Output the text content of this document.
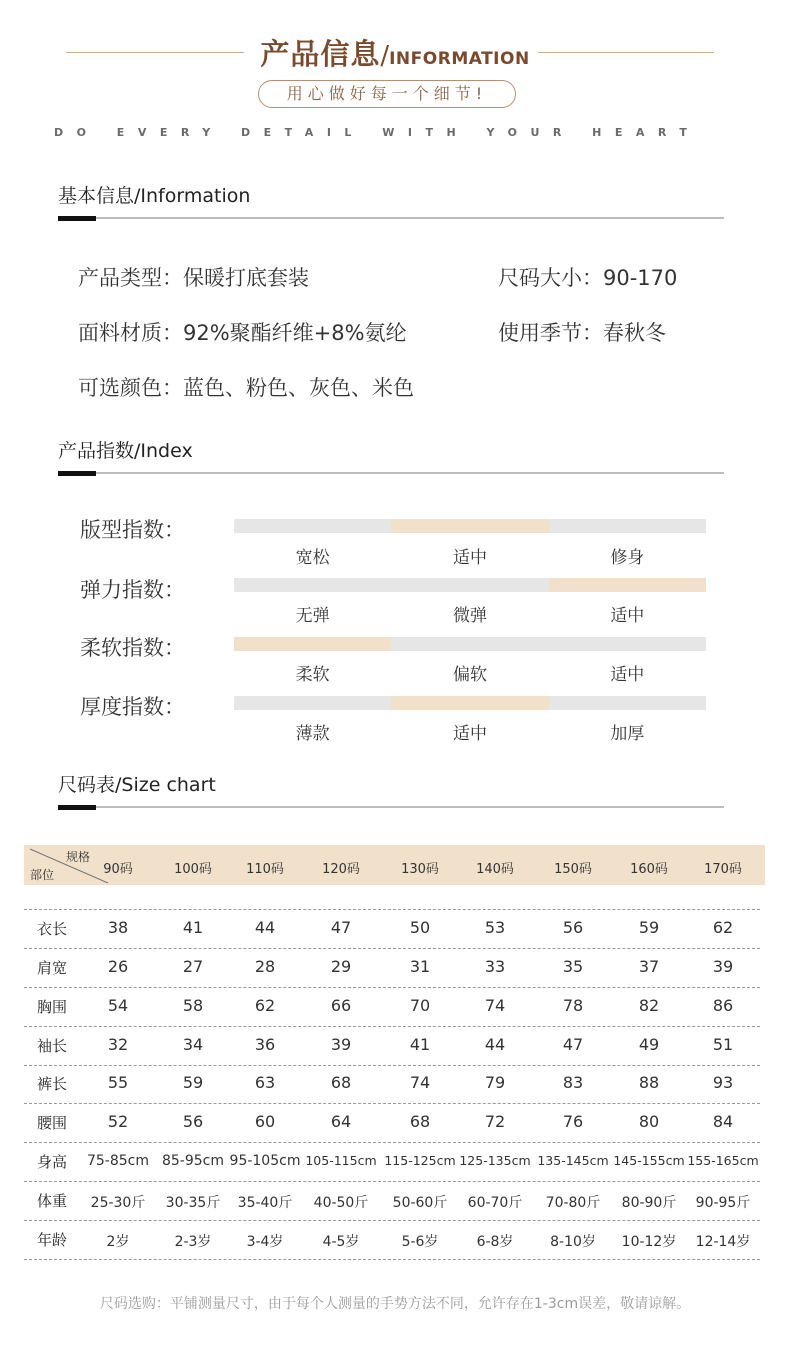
产品信息/INFORMATION
用心做好每一个细节!
DO EVERY DETAIL WITH YOUR HEART
基本信息/Information
产品类型：保暖打底套装	尺码大小：90-170
面料材质：92%聚酯纤维+8%氨纶	使用季节：春秋冬
可选颜色：蓝色、粉色、灰色、米色
产品指数/Index
版型指数：
宽松	适中	修身
弹力指数：
无弹	微弹	适中
柔软指数：
柔软	偏软	适中
厚度指数：
薄款	适中	加厚
尺码表/Size chart
规格
部位	90码	100码	110码	120码	130码	140码	150码	160码	170码
衣长	38	41	44	47	50	53	56	59	62
肩宽	26	27	28	29	31	33	35	37	39
胸围	54	58	62	66	70	74	78	82	86
袖长	32	34	36	39	41	44	47	49	51
裤长	55	59	63	68	74	79	83	88	93
腰围	52	56	60	64	68	72	76	80	84
身高	75-85cm 85-95cm 95-105cm 105-115cm 115-125cm 125-135cm 135-145cm 145-155cm 155-165cm
体重	25-30斤	30-35斤	35-40斤	40-50斤	50-60斤	60-70斤	70-80斤	80-90斤	90-95斤
年龄	2岁	2-3岁	3-4岁	4-5岁	5-6岁	6-8岁	8-10岁	10-12岁	12-14岁
尺码选购：平铺测量尺寸，由于每个人测量的手势方法不同，允许存在1-3cm误差，敬请谅解。
